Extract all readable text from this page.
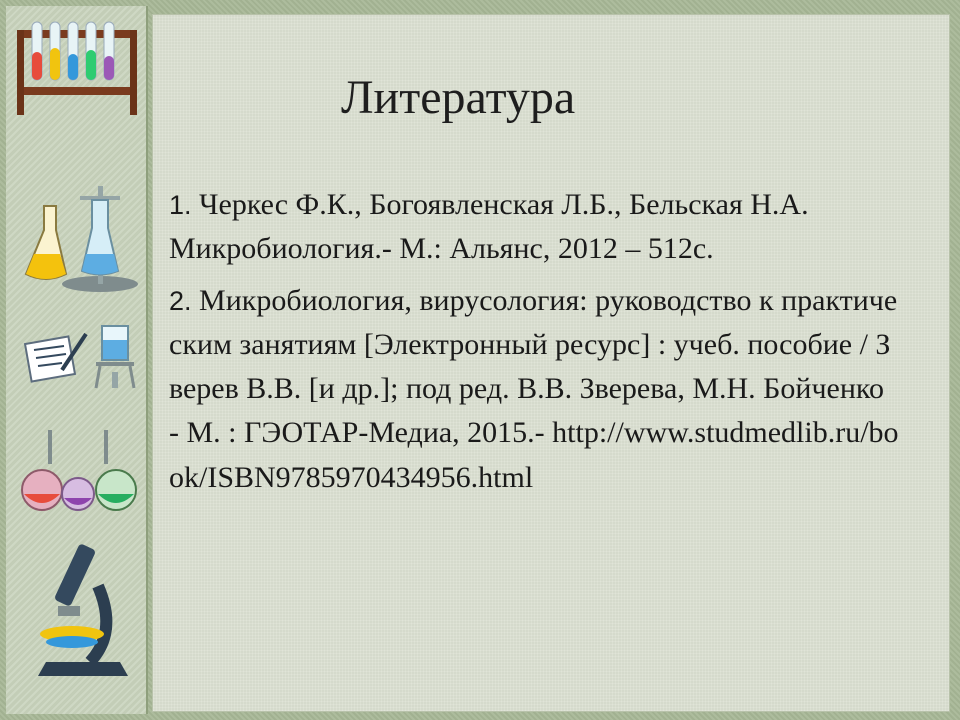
Литература
1. Черкес Ф.К., Богоявленская Л.Б., Бельская Н.А. Микробиология.- М.: Альянс, 2012 – 512с.
2. Микробиология, вирусология: руководство к практическим занятиям [Электронный ресурс] : учеб. пособие / Зверев В.В. [и др.]; под ред. В.В. Зверева, М.Н. Бойченко - М. : ГЭОТАР-Медиа, 2015.- http://www.studmedlib.ru/book/ISBN9785970434956.html
